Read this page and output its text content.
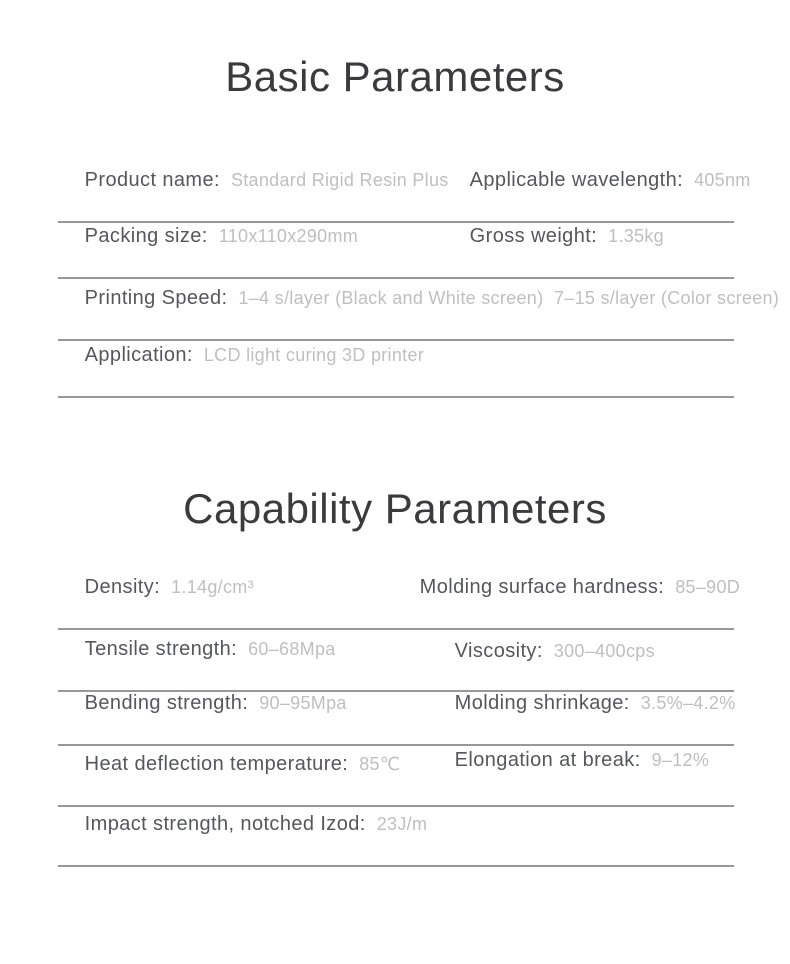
Basic Parameters

Product name: Standard Rigid Resin Plus
	Applicable wavelength: 405nm

Packing size: 110x110x290mm
	Gross weight: 1.35kg

Printing Speed: 1–4 s/layer (Black and White screen)  7–15 s/layer (Color screen)

Application: LCD light curing 3D printer

Capability Parameters

Density: 1.14g/cm³
	Molding surface hardness: 85–90D

Tensile strength: 60–68Mpa
	Viscosity: 300–400cps

Bending strength: 90–95Mpa
	Molding shrinkage: 3.5%–4.2%

Heat deflection temperature: 85℃
	Elongation at break: 9–12%

Impact strength, notched Izod: 23J/m
